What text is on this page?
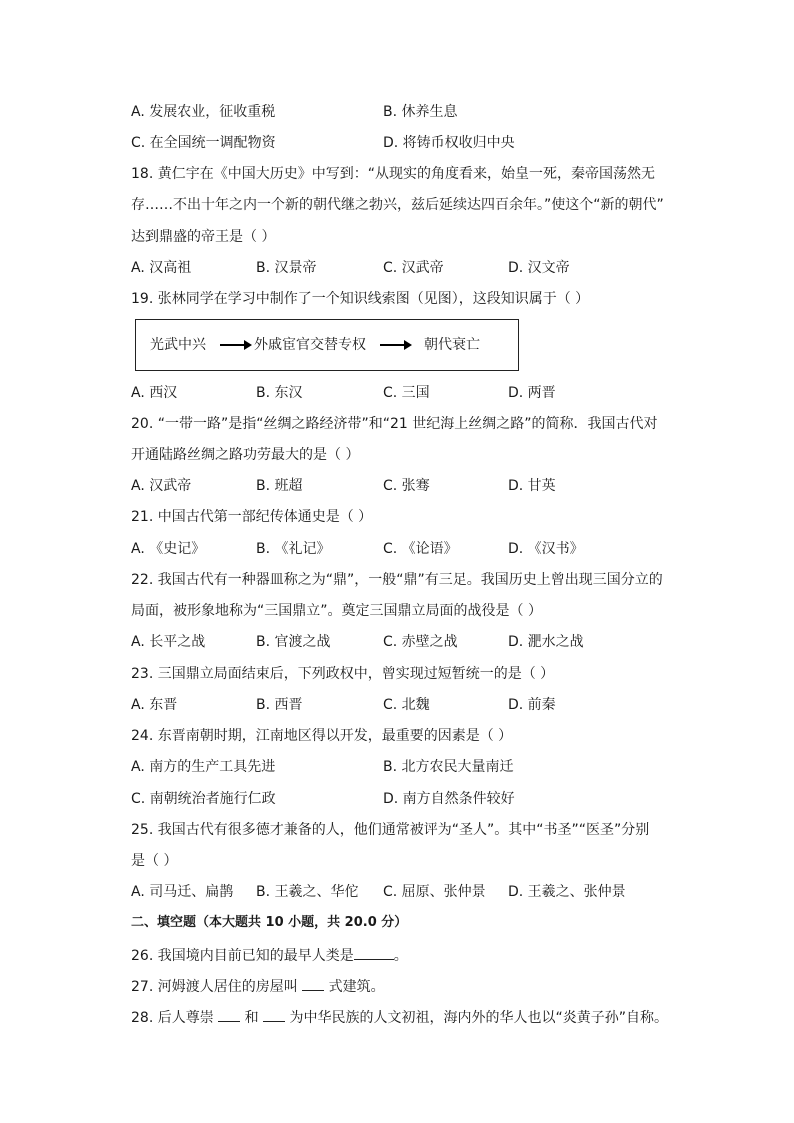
A. 发展农业，征收重税	B. 休养生息
C. 在全国统一调配物资	D. 将铸币权收归中央
18. 黄仁宇在《中国大历史》中写到：“从现实的角度看来，始皇一死，秦帝国荡然无
存……不出十年之内一个新的朝代继之勃兴，兹后延续达四百余年。”使这个“新的朝代”
达到鼎盛的帝王是（ ）
A. 汉高祖	B. 汉景帝	C. 汉武帝	D. 汉文帝
19. 张林同学在学习中制作了一个知识线索图（见图），这段知识属于（ ）
光武中兴	外戚宦官交替专权	朝代衰亡
A. 西汉	B. 东汉	C. 三国	D. 两晋
20. “一带一路”是指“丝绸之路经济带”和“21 世纪海上丝绸之路”的简称．我国古代对
开通陆路丝绸之路功劳最大的是（ ）
A. 汉武帝	B. 班超	C. 张骞	D. 甘英
21. 中国古代第一部纪传体通史是（ ）
A. 《史记》	B. 《礼记》	C. 《论语》	D. 《汉书》
22. 我国古代有一种器皿称之为“鼎”，一般“鼎”有三足。我国历史上曾出现三国分立的
局面，被形象地称为“三国鼎立”。奠定三国鼎立局面的战役是（ ）
A. 长平之战	B. 官渡之战	C. 赤壁之战	D. 淝水之战
23. 三国鼎立局面结束后，下列政权中，曾实现过短暂统一的是（ ）
A. 东晋	B. 西晋	C. 北魏	D. 前秦
24. 东晋南朝时期，江南地区得以开发，最重要的因素是（ ）
A. 南方的生产工具先进	B. 北方农民大量南迁
C. 南朝统治者施行仁政	D. 南方自然条件较好
25. 我国古代有很多德才兼备的人，他们通常被评为“圣人”。其中“书圣”“医圣”分别
是（ ）
A. 司马迁、扁鹊 B. 王羲之、华佗 C. 屈原、张仲景 D. 王羲之、张仲景
二、填空题（本大题共 10 小题，共 20.0 分）
26. 我国境内目前已知的最早人类是	。
27. 河姆渡人居住的房屋叫  式建筑。
28. 后人尊崇  和  为中华民族的人文初祖，海内外的华人也以“炎黄子孙”自称。
